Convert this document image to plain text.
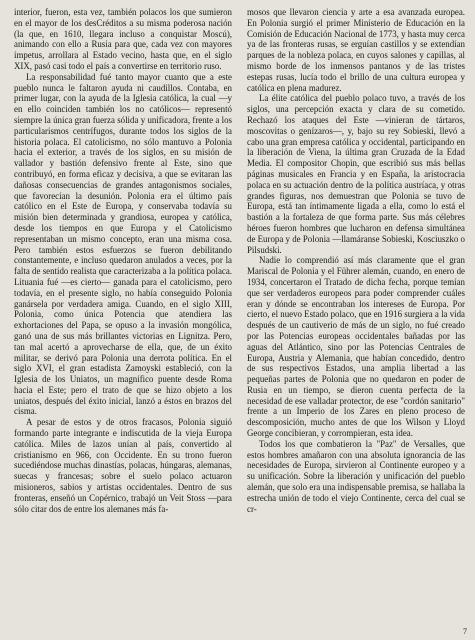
interior, fueron, esta vez, también polacos los que sumieron en el mayor de los desCréditos a su misma poderosa nación (la que, en 1610, llegara incluso a conquistar Moscú), animando con ello a Rusia para que, cada vez con mayores ímpetus, arrollara al Estado vecino, hasta que, en el siglo XIX, pasó casi todo el país a convertirse en territorio ruso.

La responsabilidad fué tanto mayor cuanto que a este pueblo nunca le faltaron ayuda ni caudillos. Contaba, en primer lugar, con la ayuda de la Iglesia católica, la cual —y en ello coinciden también los no católicos— representó siempre la única gran fuerza sólida y unificadora, frente a los particularismos centrífugos, durante todos los siglos de la historia polaca. El catolicismo, no sólo mantuvo a Polonia hacia el exterior, a través de los siglos, en su misión de vallador y bastión defensivo frente al Este, sino que contribuyó, en forma eficaz y decisiva, a que se evitaran las dañosas consecuencias de grandes antagonismos sociales, que favorecían la desunión. Polonia era el último país católico en el Este de Europa, y conservaba todavía su misión bien determinada y grandiosa, europea y católica, desde los tiempos en que Europa y el Catolicismo representaban un mismo concepto, eran una misma cosa. Pero también estos esfuerzos se fueron debilitando constantemente, e incluso quedaron anulados a veces, por la falta de sentido realista que caracterizaba a la política polaca. Lituania fué —es cierto— ganada para el catolicismo, pero todavía, en el presente siglo, no había conseguido Polonia ganársela por verdadera amiga. Cuando, en el siglo XIII, Polonia, como única Potencia que atendiera las exhortaciones del Papa, se opuso a la invasión mongólica, ganó una de sus más brillantes victorias en Lignitza. Pero, tan mal acertó a aprovecharse de ella, que, de un éxito militar, se derivó para Polonia una derrota política. En el siglo XVI, el gran estadista Zamoyski estableció, con la Iglesia de los Uniatos, un magnífico puente desde Roma hacia el Este; pero el trato de que se hizo objeto a los uniatos, después del éxito inicial, lanzó a éstos en brazos del cisma.

A pesar de estos y de otros fracasos, Polonia siguió formando parte integrante e indiscutida de la vieja Europa católica. Miles de lazos unían al país, convertido al cristianismo en 966, con Occidente. En su trono fueron sucediéndose muchas dinastías, polacas, húngaras, alemanas, suecas y francesas; sobre el suelo polaco actuaron misioneros, sabios y artistas occidentales. Dentro de sus fronteras, enseñó un Copérnico, trabajó un Veit Stoss —para sólo citar dos de entre los alemanes más fa-

mosos que llevaron ciencia y arte a esa avanzada europea. En Polonia surgió el primer Ministerio de Educación en la Comisión de Educación Nacional de 1773, y hasta muy cerca ya de las fronteras rusas, se erguían castillos y se extendían parques de la nobleza polaca, en cuyos salones y capillas, al mismo borde de los inmensos pantanos y de las tristes estepas rusas, lucía todo el brillo de una cultura europea y católica en plena madurez.

La élite católica del pueblo polaco tuvo, a través de los siglos, una percepción exacta y clara de su cometido. Rechazó los ataques del Este —vinieran de tártaros, moscovitas o genízaros—, y, bajo su rey Sobieski, llevó a cabo una gran empresa católica y occidental, participando en la liberación de Viena, la última gran Cruzada de la Edad Media. El compositor Chopin, que escribió sus más bellas páginas musicales en Francia y en España, la aristocracia polaca en su actuación dentro de la política austríaca, y otras grandes figuras, nos demuestran que Polonia se tuvo de Europa, está tan íntimamente ligada a ella, como lo está el bastión a la fortaleza de que forma parte. Sus más célebres héroes fueron hombres que lucharon en defensa simultánea de Europa y de Polonia —llamáranse Sobieski, Kosciuszko o Pilsudski.

Nadie lo comprendió así más claramente que el gran Mariscal de Polonia y el Führer alemán, cuando, en enero de 1934, concertaron el Tratado de dicha fecha, porque temían que ser verdaderos europeos para poder comprender cuáles eran y dónde se encontraban los intereses de Europa. Por cierto, el nuevo Estado polaco, que en 1916 surgiera a la vida después de un cautiverio de más de un siglo, no fué creado por las Potencias europeas occidentales bañadas por las aguas del Atlántico, sino por las Potencias Centrales de Europa, Austria y Alemania, que habían concedido, dentro de sus respectivos Estados, una amplia libertad a las pequeñas partes de Polonia que no quedaron en poder de Rusia en un tiempo, se dieron cuenta perfecta de la necesidad de ese valladar protector, de ese "cordón sanitario" frente a un Imperio de los Zares en pleno proceso de descomposición, mucho antes de que los Wilson y Lloyd George concibieran, y corrompieran, esta idea.

Todos los que combatieron la "Paz" de Versalles, que estos hombres amañaron con una absoluta ignorancia de las necesidades de Europa, sirvieron al Continente europeo y a su unificación. Sobre la liberación y unificación del pueblo alemán, que solo era una indispensable premisa, se hallaba la estrecha unión de todo el viejo Continente, cerca del cual se cr-

7
